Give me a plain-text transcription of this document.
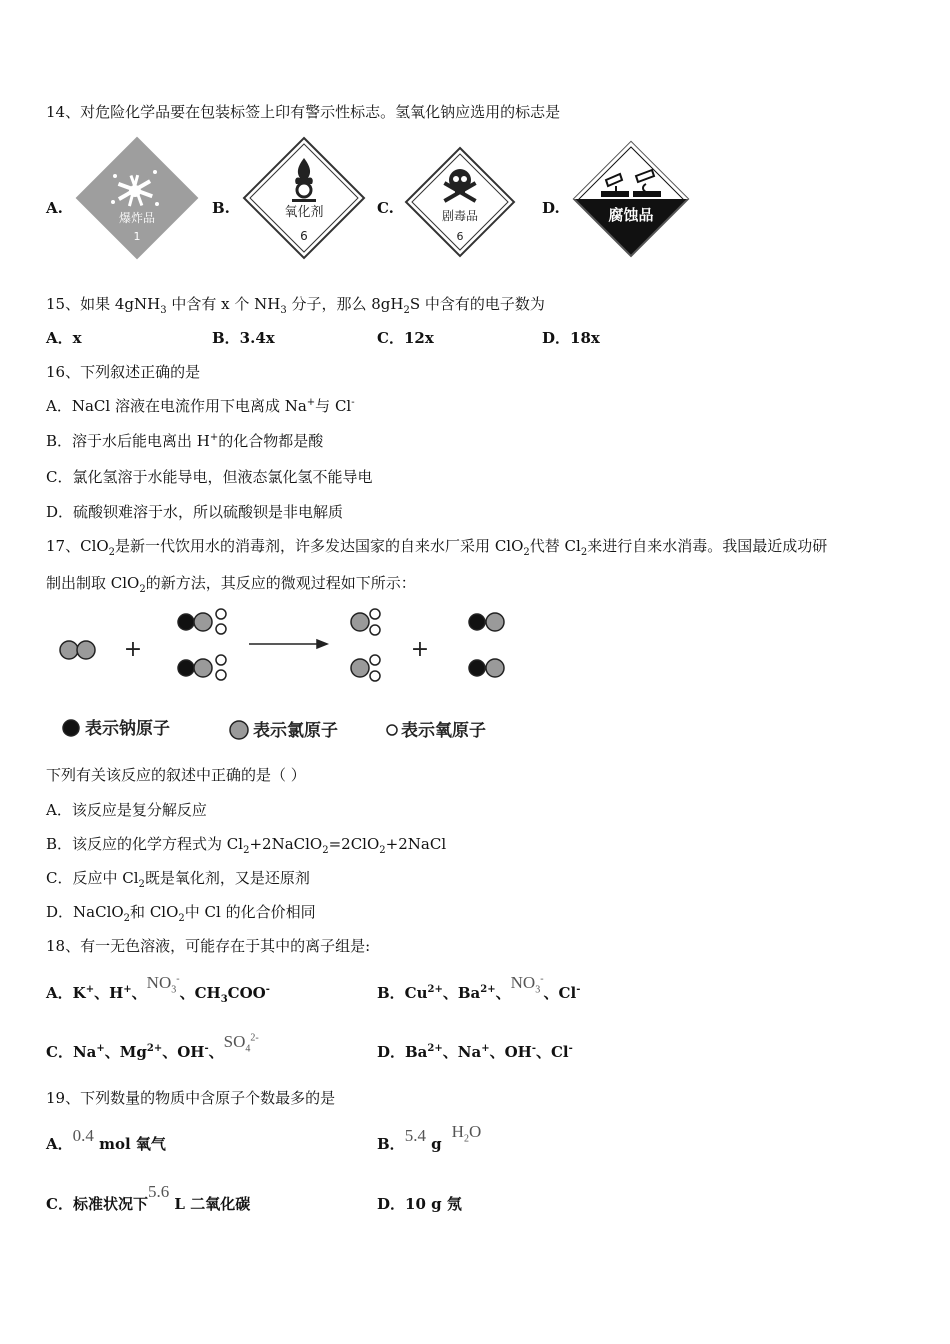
14、对危险化学品要在包装标签上印有警示性标志。氢氧化钠应选用的标志是
A.
爆炸品
1
B.	氧化剂
6
C.	剧毒品
6
D.	腐蚀品
15、如果 4gNH$_3$ 中含有 x 个 $NH_3$ 分子，那么 $8gH_2S$ 中含有的电子数为
A．x	B．3.4x	C．12x	D．18x
16、下列叙述正确的是
A．NaCl 溶液在电流作用下电离成 Na+与 Cl-
B．溶于水后能电离出 H+的化合物都是酸
C．氯化氢溶于水能导电，但液态氯化氢不能导电
D．硫酸钡难溶于水，所以硫酸钡是非电解质
17、ClO$_2$是新一代饮用水的消毒剂，许多发达国家的自来水厂采用 ClO$_2$代替 $Cl_2$来进行自来水消毒。我国最近成功研
制出制取 ClO$_2$的新方法，其反应的微观过程如下所示：
+	+
表示钠原子	表示氯原子	表示氧原子
下列有关该反应的叙述中正确的是（ ）
A．该反应是复分解反应
B．该反应的化学方程式为 $Cl_2+2NaClO_2=2ClO_2+2NaCl$
C．反应中 $Cl_2$既是氧化剂，又是还原剂
D．NaClO$_2$和 ClO$_2$中 Cl 的化合价相同
18、有一无色溶液，可能存在于其中的离子组是:
A．K+、H+、$NO_3^-$、$CH_3COO^-$	B．$Cu^{2+}$、$Ba^{2+}$、$NO_3^-$、Cl-
C．Na+、$Mg^{2+}$、OH-、$SO_4^{2-}$
D．$Ba^{2+}$、Na+、OH-、Cl-
19、下列数量的物质中含原子个数最多的是
A．0.4 mol 氧气	B．5.4 $gH_2O$
C．标准状况下5.6 L 二氧化碳	D．10 g 氖
